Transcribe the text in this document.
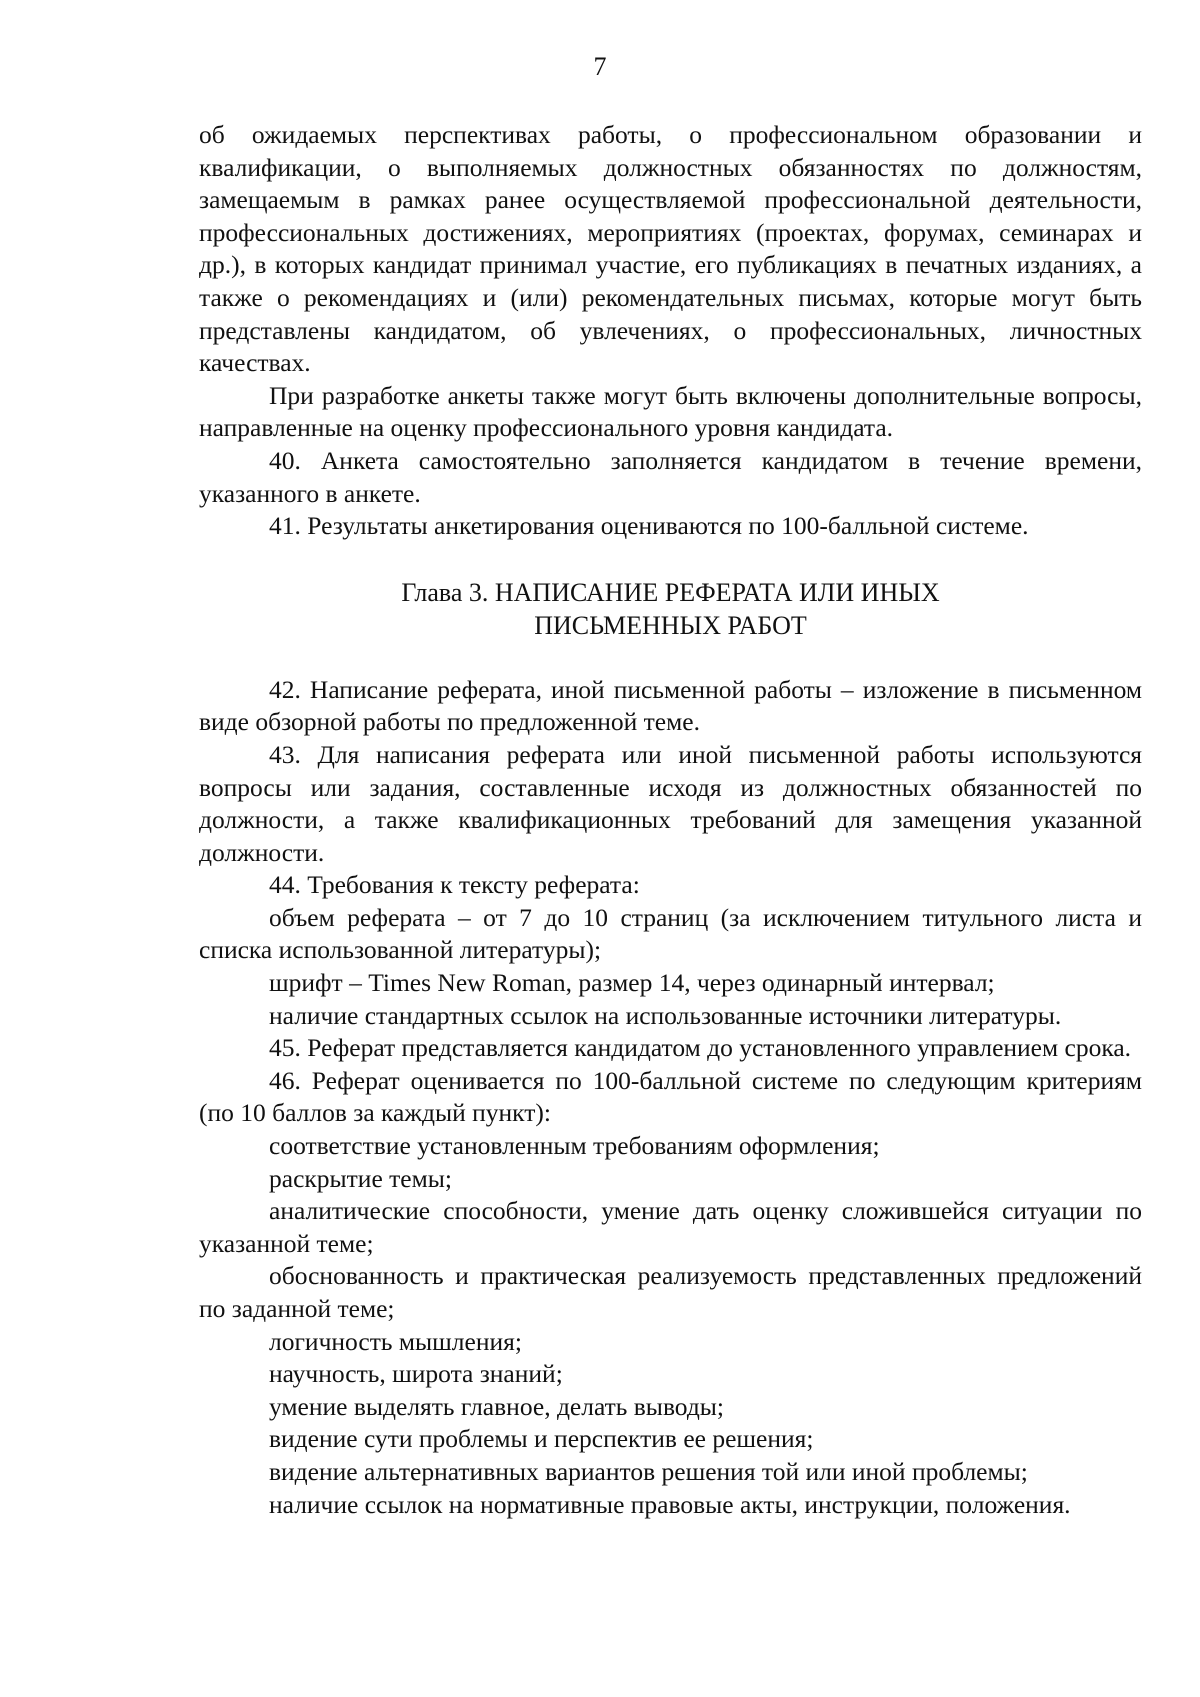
7

об ожидаемых перспективах работы, о профессиональном образовании и квалификации, о выполняемых должностных обязанностях по должностям, замещаемым в рамках ранее осуществляемой профессиональной деятельности, профессиональных достижениях, мероприятиях (проектах, форумах, семинарах и др.), в которых кандидат принимал участие, его публикациях в печатных изданиях, а также о рекомендациях и (или) рекомендательных письмах, которые могут быть представлены кандидатом, об увлечениях, о профессиональных, личностных качествах.

При разработке анкеты также могут быть включены дополнительные вопросы, направленные на оценку профессионального уровня кандидата.

40. Анкета самостоятельно заполняется кандидатом в течение времени, указанного в анкете.

41. Результаты анкетирования оцениваются по 100-балльной системе.

Глава 3. НАПИСАНИЕ РЕФЕРАТА ИЛИ ИНЫХ
ПИСЬМЕННЫХ РАБОТ

42. Написание реферата, иной письменной работы – изложение в письменном виде обзорной работы по предложенной теме.

43. Для написания реферата или иной письменной работы используются вопросы или задания, составленные исходя из должностных обязанностей по должности, а также квалификационных требований для замещения указанной должности.

44. Требования к тексту реферата:

объем реферата – от 7 до 10 страниц (за исключением титульного листа и списка использованной литературы);

шрифт – Times New Roman, размер 14, через одинарный интервал;

наличие стандартных ссылок на использованные источники литературы.

45. Реферат представляется кандидатом до установленного управлением срока.

46. Реферат оценивается по 100-балльной системе по следующим критериям (по 10 баллов за каждый пункт):

соответствие установленным требованиям оформления;

раскрытие темы;

аналитические способности, умение дать оценку сложившейся ситуации по указанной теме;

обоснованность и практическая реализуемость представленных предложений по заданной теме;

логичность мышления;

научность, широта знаний;

умение выделять главное, делать выводы;

видение сути проблемы и перспектив ее решения;

видение альтернативных вариантов решения той или иной проблемы;

наличие ссылок на нормативные правовые акты, инструкции, положения.
